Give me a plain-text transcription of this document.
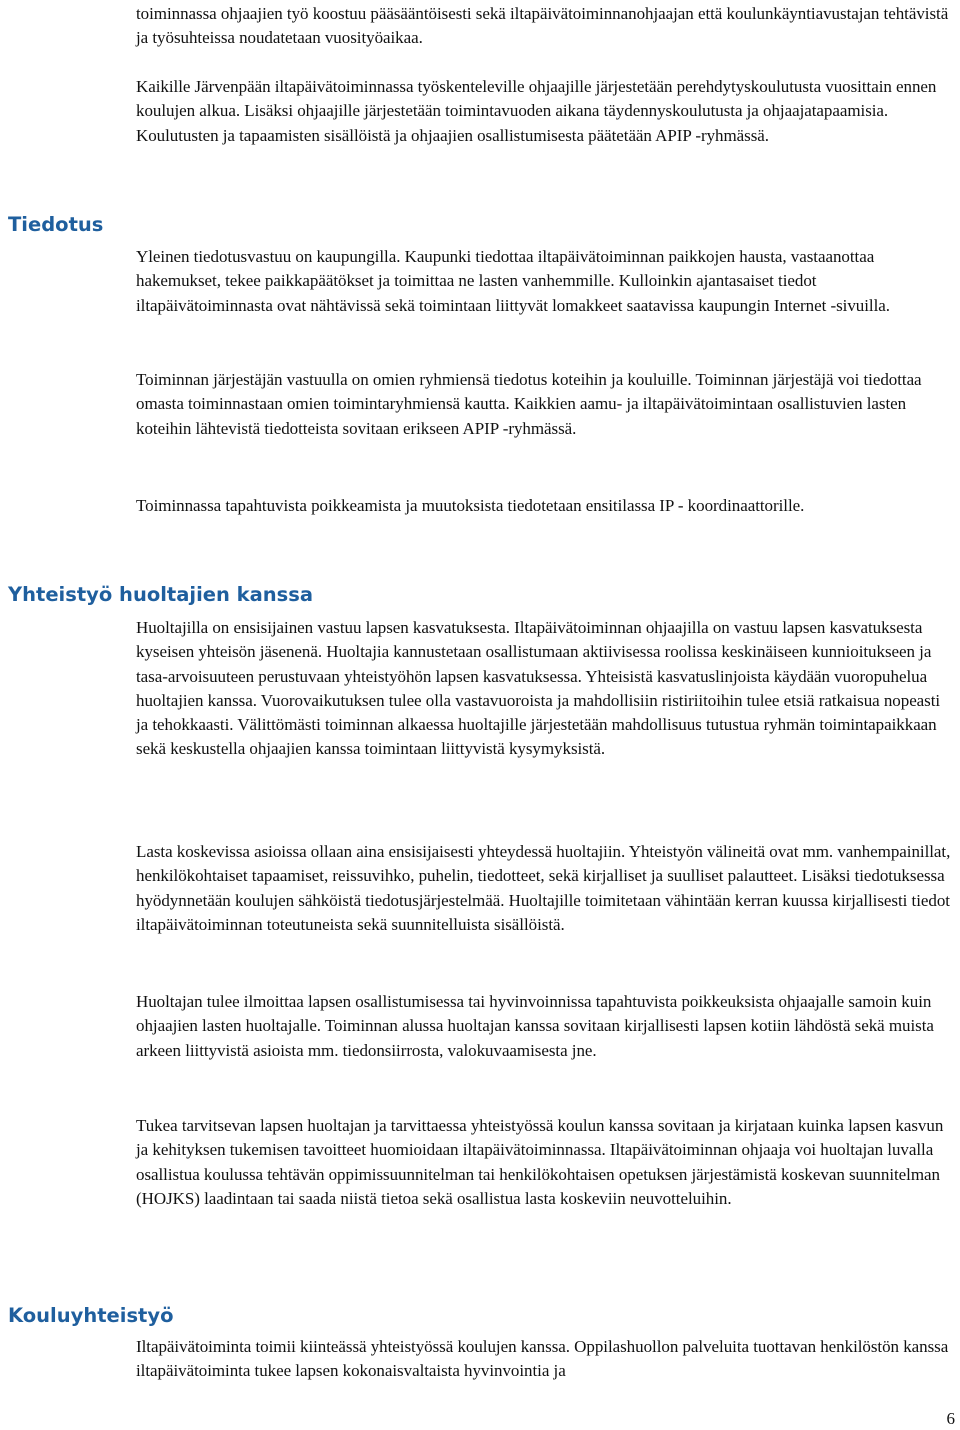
toiminnassa ohjaajien työ koostuu pääsääntöisesti sekä iltapäivätoiminnanohjaajan että koulunkäyntiavustajan tehtävistä ja työsuhteissa noudatetaan vuosityöaikaa.

Kaikille Järvenpään iltapäivätoiminnassa työskenteleville ohjaajille järjestetään perehdytyskoulutusta vuosittain ennen koulujen alkua. Lisäksi ohjaajille järjestetään toimintavuoden aikana täydennyskoulutusta ja ohjaajatapaamisia. Koulutusten ja tapaamisten sisällöistä ja ohjaajien osallistumisesta päätetään APIP -ryhmässä.

Tiedotus

Yleinen tiedotusvastuu on kaupungilla. Kaupunki tiedottaa iltapäivätoiminnan paikkojen hausta, vastaanottaa hakemukset, tekee paikkapäätökset ja toimittaa ne lasten vanhemmille. Kulloinkin ajantasaiset tiedot iltapäivätoiminnasta ovat nähtävissä sekä toimintaan liittyvät lomakkeet saatavissa kaupungin Internet -sivuilla.

Toiminnan järjestäjän vastuulla on omien ryhmiensä tiedotus koteihin ja kouluille. Toiminnan järjestäjä voi tiedottaa omasta toiminnastaan omien toimintaryhmiensä kautta. Kaikkien aamu- ja iltapäivätoimintaan osallistuvien lasten koteihin lähtevistä tiedotteista sovitaan erikseen APIP -ryhmässä.

Toiminnassa tapahtuvista poikkeamista ja muutoksista tiedotetaan ensitilassa IP - koordinaattorille.

Yhteistyö huoltajien kanssa

Huoltajilla on ensisijainen vastuu lapsen kasvatuksesta. Iltapäivätoiminnan ohjaajilla on vastuu lapsen kasvatuksesta kyseisen yhteisön jäsenenä. Huoltajia kannustetaan osallistumaan aktiivisessa roolissa keskinäiseen kunnioitukseen ja tasa-arvoisuuteen perustuvaan yhteistyöhön lapsen kasvatuksessa. Yhteisistä kasvatuslinjoista käydään vuoropuhelua huoltajien kanssa. Vuorovaikutuksen tulee olla vastavuoroista ja mahdollisiin ristiriitoihin tulee etsiä ratkaisua nopeasti ja tehokkaasti. Välittömästi toiminnan alkaessa huoltajille järjestetään mahdollisuus tutustua ryhmän toimintapaikkaan sekä keskustella ohjaajien kanssa toimintaan liittyvistä kysymyksistä.

Lasta koskevissa asioissa ollaan aina ensisijaisesti yhteydessä huoltajiin. Yhteistyön välineitä ovat mm. vanhempainillat, henkilökohtaiset tapaamiset, reissuvihko, puhelin, tiedotteet, sekä kirjalliset ja suulliset palautteet. Lisäksi tiedotuksessa hyödynnetään koulujen sähköistä tiedotusjärjestelmää. Huoltajille toimitetaan vähintään kerran kuussa kirjallisesti tiedot iltapäivätoiminnan toteutuneista sekä suunnitelluista sisällöistä.

Huoltajan tulee ilmoittaa lapsen osallistumisessa tai hyvinvoinnissa tapahtuvista poikkeuksista ohjaajalle samoin kuin ohjaajien lasten huoltajalle. Toiminnan alussa huoltajan kanssa sovitaan kirjallisesti lapsen kotiin lähdöstä sekä muista arkeen liittyvistä asioista mm. tiedonsiirrosta, valokuvaamisesta jne.

Tukea tarvitsevan lapsen huoltajan ja tarvittaessa yhteistyössä koulun kanssa sovitaan ja kirjataan kuinka lapsen kasvun ja kehityksen tukemisen tavoitteet huomioidaan iltapäivätoiminnassa. Iltapäivätoiminnan ohjaaja voi huoltajan luvalla osallistua koulussa tehtävän oppimissuunnitelman tai henkilökohtaisen opetuksen järjestämistä koskevan suunnitelman (HOJKS) laadintaan tai saada niistä tietoa sekä osallistua lasta koskeviin neuvotteluihin.

Kouluyhteistyö

Iltapäivätoiminta toimii kiinteässä yhteistyössä koulujen kanssa. Oppilashuollon palveluita tuottavan henkilöstön kanssa iltapäivätoiminta tukee lapsen kokonaisvaltaista hyvinvointia ja

6
